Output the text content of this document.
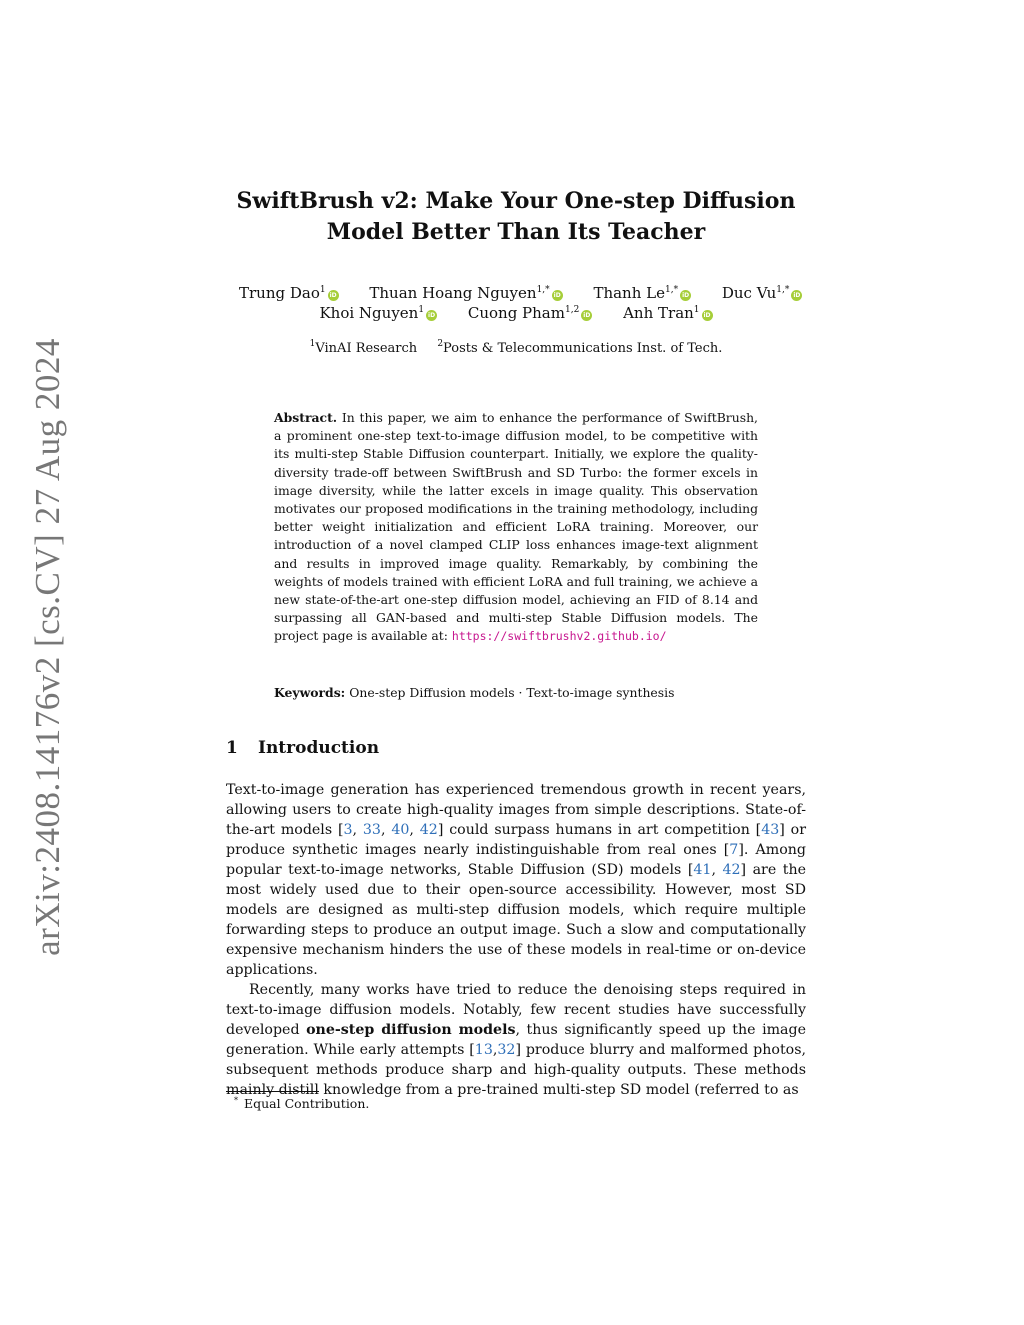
arXiv:2408.14176v2 [cs.CV] 27 Aug 2024
SwiftBrush v2: Make Your One-step Diffusion
Model Better Than Its Teacher
Trung Dao$^1$iD Thuan Hoang Nguyen$^{1,*}$iD Thanh $Le^{1,*}iD$ Duc $Vu^{1,*}iD$
Khoi Nguyen$^1$iD Cuong Pham$^{1,2}$iD Anh Tran$^1$iD
$^1$VinAI Research $^2$Posts & Telecommunications Inst. of Tech.
Abstract. In this paper, we aim to enhance the performance of SwiftBrush, a prominent one-step text-to-image diffusion model, to be competitive with its multi-step Stable Diffusion counterpart. Initially, we explore the quality-diversity trade-off between SwiftBrush and SD Turbo: the former excels in image diversity, while the latter excels in image quality. This observation motivates our proposed modifications in the training methodology, including better weight initialization and efficient LoRA training. Moreover, our introduction of a novel clamped CLIP loss enhances image-text alignment and results in improved image quality. Remarkably, by combining the weights of models trained with efficient LoRA and full training, we achieve a new state-of-the-art one-step diffusion model, achieving an FID of 8.14 and surpassing all GAN-based and multi-step Stable Diffusion models. The project page is available at: https://swiftbrushv2.github.io/
Keywords: One-step Diffusion models · Text-to-image synthesis
1 Introduction

Text-to-image generation has experienced tremendous growth in recent years, allowing users to create high-quality images from simple descriptions. State-of-the-art models [3, 33, 40, 42] could surpass humans in art competition [43] or produce synthetic images nearly indistinguishable from real ones [7]. Among popular text-to-image networks, Stable Diffusion (SD) models [41, 42] are the most widely used due to their open-source accessibility. However, most SD models are designed as multi-step diffusion models, which require multiple forwarding steps to produce an output image. Such a slow and computationally expensive mechanism hinders the use of these models in real-time or on-device applications.

Recently, many works have tried to reduce the denoising steps required in text-to-image diffusion models. Notably, few recent studies have successfully developed one-step diffusion models, thus significantly speed up the image generation. While early attempts [13,32] produce blurry and malformed photos, subsequent methods produce sharp and high-quality outputs. These methods mainly distill knowledge from a pre-trained multi-step SD model (referred to as

* Equal Contribution.
